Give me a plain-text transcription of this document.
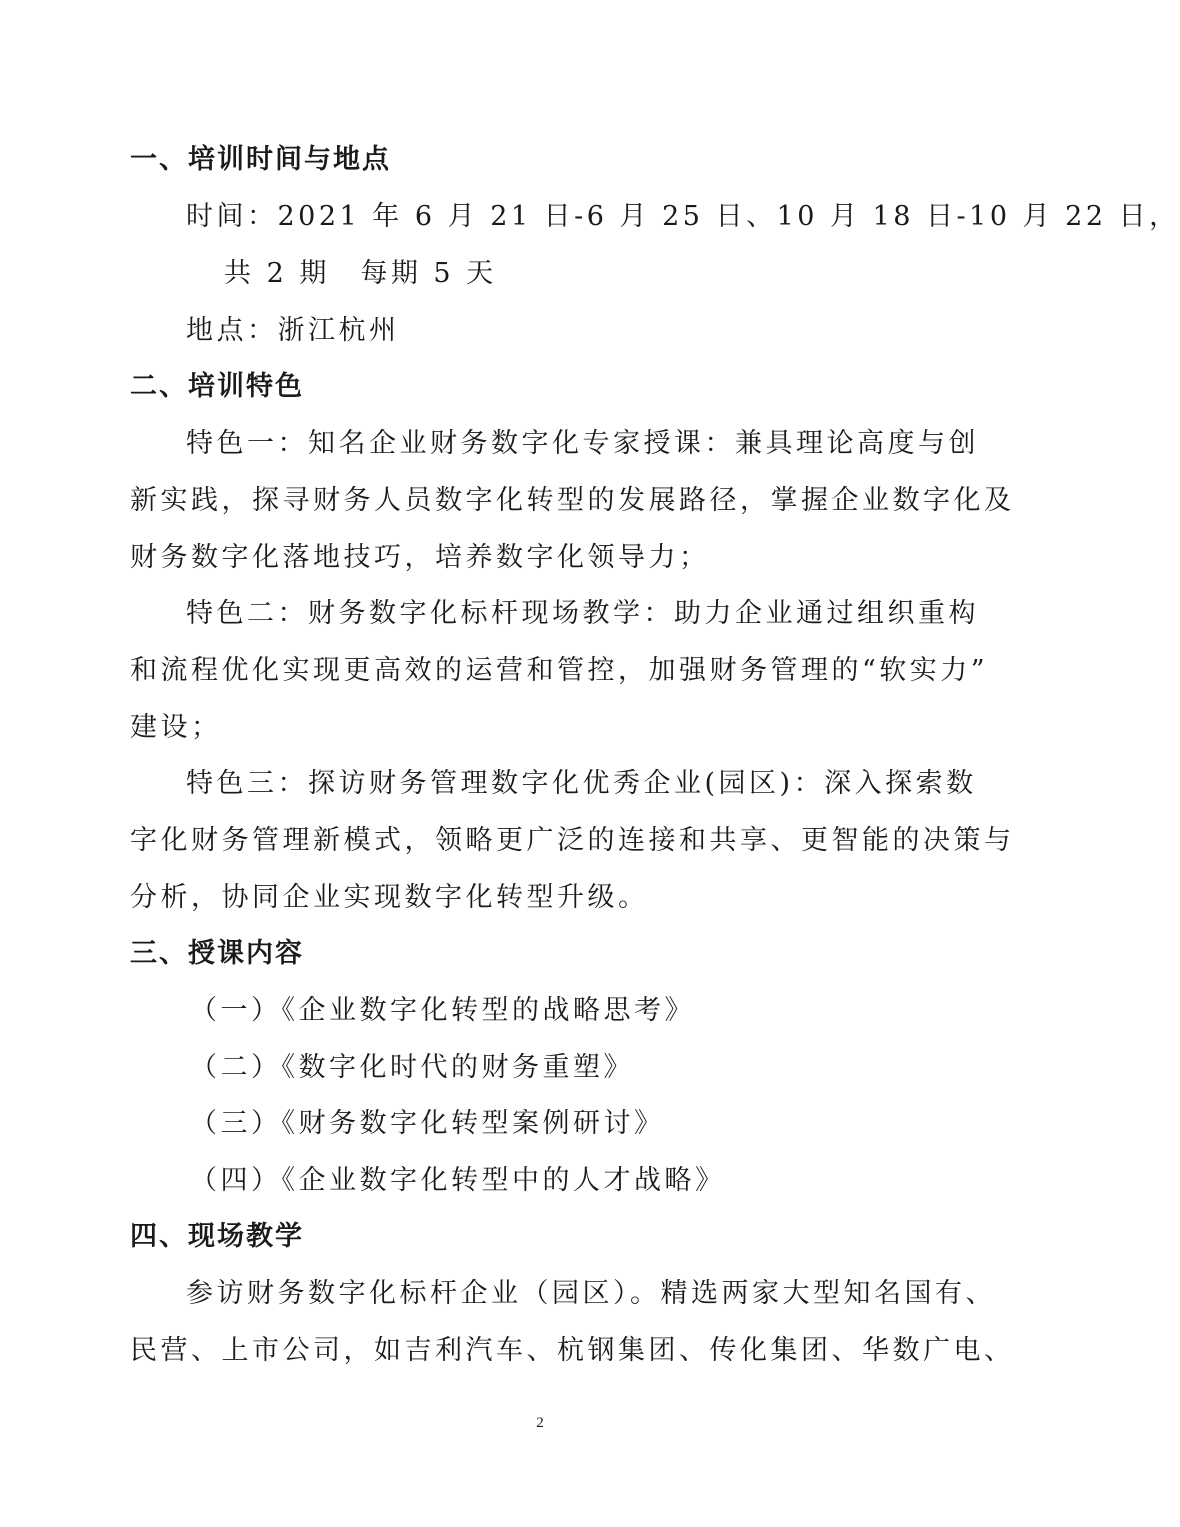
一、培训时间与地点
时间：2021 年 6 月 21 日-6 月 25 日、10 月 18 日-10 月 22 日，
共 2 期　每期 5 天
地点：浙江杭州
二、培训特色
特色一：知名企业财务数字化专家授课：兼具理论高度与创
新实践，探寻财务人员数字化转型的发展路径，掌握企业数字化及
财务数字化落地技巧，培养数字化领导力；
特色二：财务数字化标杆现场教学：助力企业通过组织重构
和流程优化实现更高效的运营和管控，加强财务管理的“软实力”
建设；
特色三：探访财务管理数字化优秀企业(园区)：深入探索数
字化财务管理新模式，领略更广泛的连接和共享、更智能的决策与
分析，协同企业实现数字化转型升级。
三、授课内容
（一）《企业数字化转型的战略思考》
（二）《数字化时代的财务重塑》
（三）《财务数字化转型案例研讨》
（四）《企业数字化转型中的人才战略》
四、现场教学
参访财务数字化标杆企业（园区）。精选两家大型知名国有、
民营、上市公司，如吉利汽车、杭钢集团、传化集团、华数广电、
2
